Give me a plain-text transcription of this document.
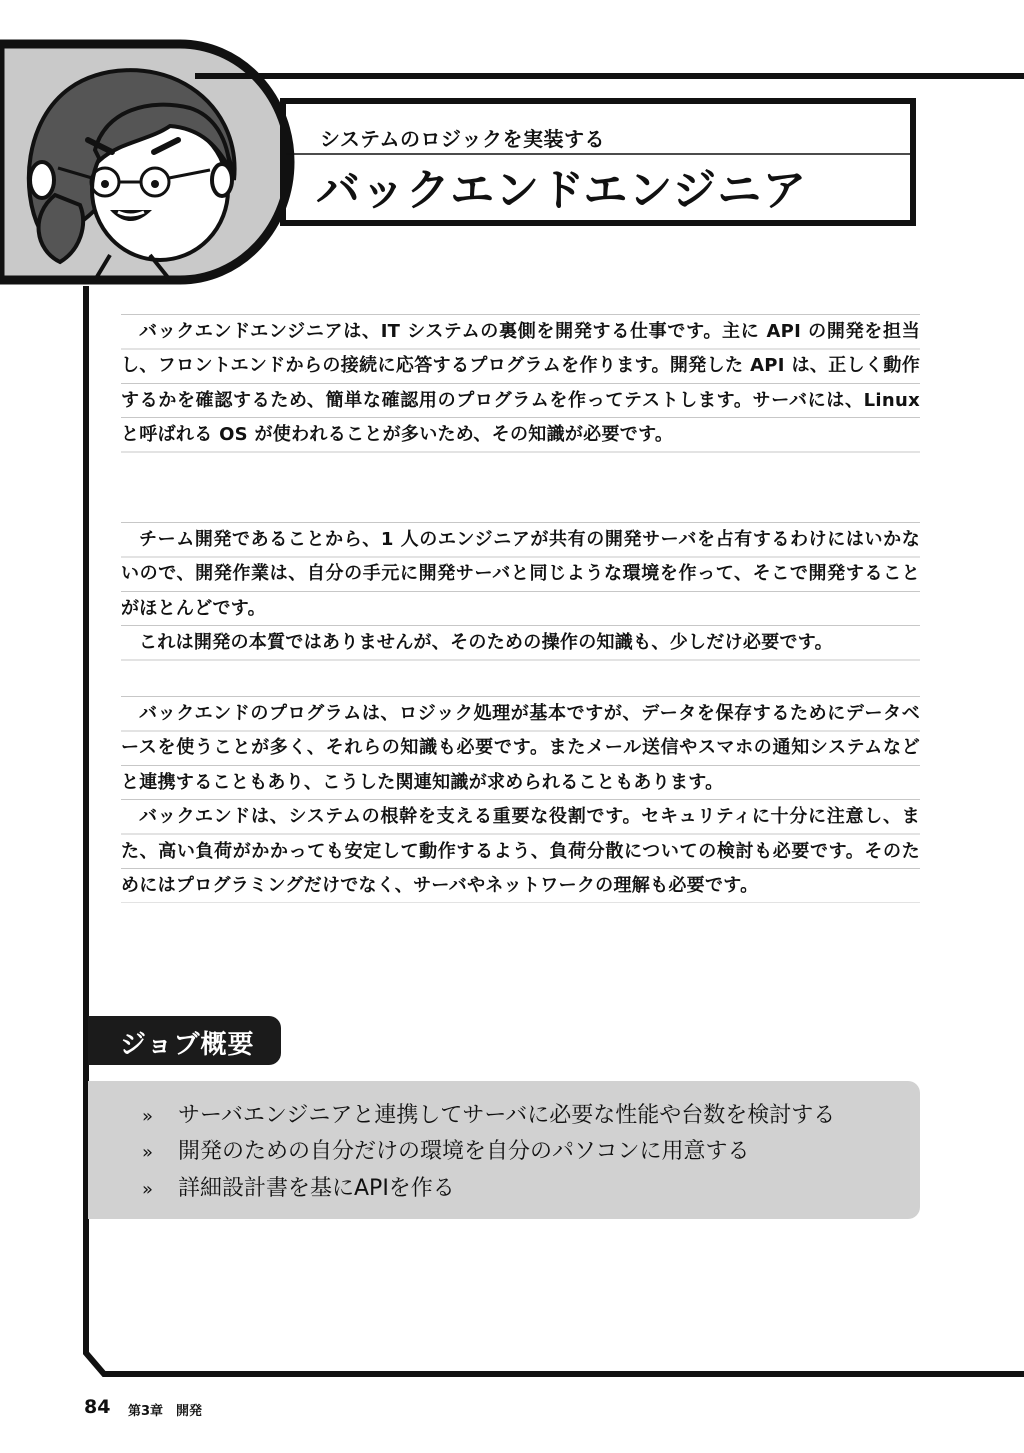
システムのロジックを実装する
バックエンドエンジニア

バックエンドエンジニアは、IT システムの裏側を開発する仕事です。主に API の開発を担当し、フロントエンドからの接続に応答するプログラムを作ります。開発した API は、正しく動作するかを確認するため、簡単な確認用のプログラムを作ってテストします。サーバには、Linux と呼ばれる OS が使われることが多いため、その知識が必要です。

チーム開発であることから、1 人のエンジニアが共有の開発サーバを占有するわけにはいかないので、開発作業は、自分の手元に開発サーバと同じような環境を作って、そこで開発することがほとんどです。

これは開発の本質ではありませんが、そのための操作の知識も、少しだけ必要です。

バックエンドのプログラムは、ロジック処理が基本ですが、データを保存するためにデータベースを使うことが多く、それらの知識も必要です。またメール送信やスマホの通知システムなどと連携することもあり、こうした関連知識が求められることもあります。

バックエンドは、システムの根幹を支える重要な役割です。セキュリティに十分に注意し、また、高い負荷がかかっても安定して動作するよう、負荷分散についての検討も必要です。そのためにはプログラミングだけでなく、サーバやネットワークの理解も必要です。

ジョブ概要
» サーバエンジニアと連携してサーバに必要な性能や台数を検討する
» 開発のための自分だけの環境を自分のパソコンに用意する
» 詳細設計書を基にAPIを作る
84 第3章　開発
